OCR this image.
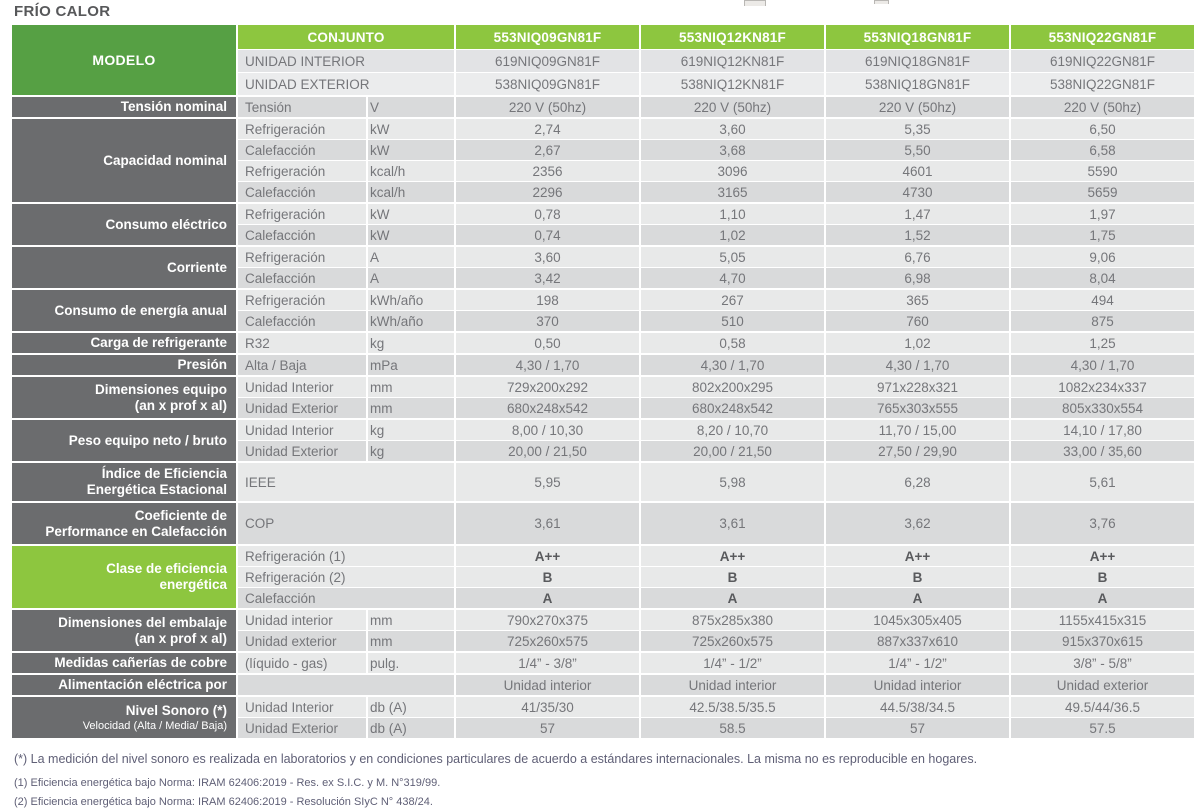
FRÍO CALOR
MODELO
CONJUNTO	553NIQ09GN81F	553NIQ12KN81F	553NIQ18GN81F	553NIQ22GN81F
UNIDAD INTERIOR	619NIQ09GN81F	619NIQ12KN81F	619NIQ18GN81F	619NIQ22GN81F
UNIDAD EXTERIOR	538NIQ09GN81F	538NIQ12KN81F	538NIQ18GN81F	538NIQ22GN81F
Tensión nominal	Tensión	V	220 V (50hz)	220 V (50hz)	220 V (50hz)	220 V (50hz)
Capacidad nominal
Refrigeración	kW	2,74	3,60	5,35	6,50
Calefacción	kW	2,67	3,68	5,50	6,58
Refrigeración	kcal/h	2356	3096	4601	5590
Calefacción	kcal/h	2296	3165	4730	5659
Consumo eléctrico
Refrigeración	kW	0,78	1,10	1,47	1,97
Calefacción	kW	0,74	1,02	1,52	1,75
Corriente
Refrigeración	A	3,60	5,05	6,76	9,06
Calefacción	A	3,42	4,70	6,98	8,04
Consumo de energía anual
Refrigeración	kWh/año	198	267	365	494
Calefacción	kWh/año	370	510	760	875
Carga de refrigerante	R32	kg	0,50	0,58	1,02	1,25
Presión	Alta / Baja	mPa	4,30 / 1,70	4,30 / 1,70	4,30 / 1,70	4,30 / 1,70
Dimensiones equipo
(an x prof x al)
Unidad Interior	mm	729x200x292	802x200x295	971x228x321	1082x234x337
Unidad Exterior	mm	680x248x542	680x248x542	765x303x555	805x330x554
Peso equipo neto / bruto
Unidad Interior	kg	8,00 / 10,30	8,20 / 10,70	11,70 / 15,00	14,10 / 17,80
Unidad Exterior	kg	20,00 / 21,50	20,00 / 21,50	27,50 / 29,90	33,00 / 35,60
Índice de Eficiencia
Energética Estacional	IEEE	5,95	5,98	6,28	5,61
Coeficiente de
Performance en Calefacción	COP	3,61	3,61	3,62	3,76
Clase de eficiencia
energética
Refrigeración (1)	A++	A++	A++	A++
Refrigeración (2)	B	B	B	B
Calefacción	A	A	A	A
Dimensiones del embalaje
(an x prof x al)
Unidad interior	mm	790x270x375	875x285x380	1045x305x405	1155x415x315
Unidad exterior	mm	725x260x575	725x260x575	887x337x610	915x370x615
Medidas cañerías de cobre	(líquido - gas)	pulg.	1/4” - 3/8”	1/4” - 1/2”	1/4” - 1/2”	3/8” - 5/8”
Alimentación eléctrica por	Unidad interior	Unidad interior	Unidad interior	Unidad exterior
Nivel Sonoro (*)
Velocidad (Alta / Media/ Baja)
Unidad Interior	db (A)	41/35/30	42.5/38.5/35.5	44.5/38/34.5	49.5/44/36.5
Unidad Exterior	db (A)	57	58.5	57	57.5
(*) La medición del nivel sonoro es realizada en laboratorios y en condiciones particulares de acuerdo a estándares internacionales. La misma no es reproducible en hogares.
(1) Eficiencia energética bajo Norma: IRAM 62406:2019 - Res. ex S.I.C. y M. N°319/99.
(2) Eficiencia energética bajo Norma: IRAM 62406:2019 - Resolución SIyC N° 438/24.
